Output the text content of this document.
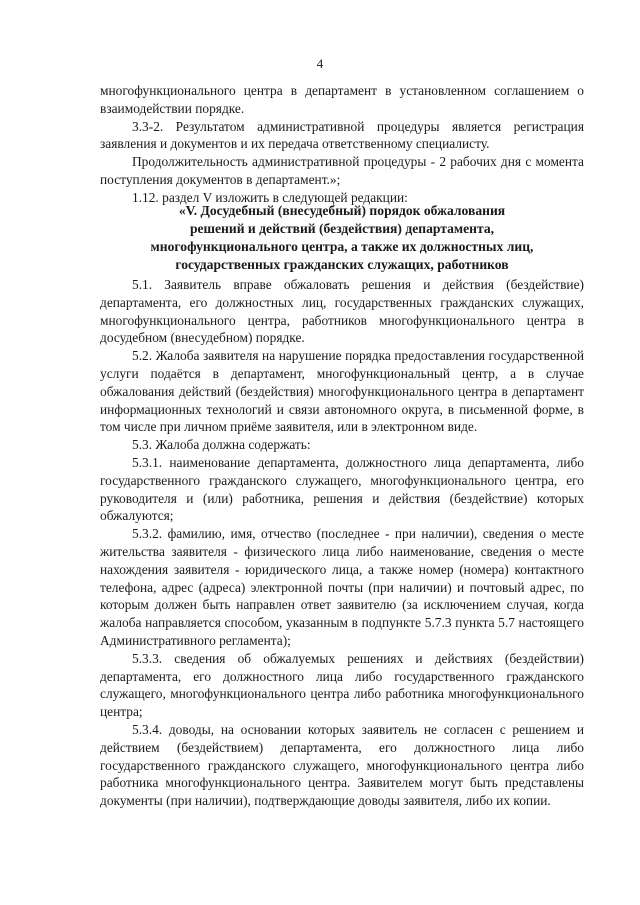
4

многофункционального центра в департамент в установленном соглашением о взаимодействии порядке.

3.3-2. Результатом административной процедуры является регистрация заявления и документов и их передача ответственному специалисту.

Продолжительность административной процедуры - 2 рабочих дня с момента поступления документов в департамент.»;

1.12. раздел V изложить в следующей редакции:

«V. Досудебный (внесудебный) порядок обжалования
решений и действий (бездействия) департамента,
многофункционального центра, а также их должностных лиц,
государственных гражданских служащих, работников

5.1. Заявитель вправе обжаловать решения и действия (бездействие) департамента, его должностных лиц, государственных гражданских служащих, многофункционального центра, работников многофункционального центра в досудебном (внесудебном) порядке.

5.2. Жалоба заявителя на нарушение порядка предоставления государственной услуги подаётся в департамент, многофункциональный центр, а в случае обжалования действий (бездействия) многофункционального центра в департамент информационных технологий и связи автономного округа, в письменной форме, в том числе при личном приёме заявителя, или в электронном виде.

5.3. Жалоба должна содержать:

5.3.1. наименование департамента, должностного лица департамента, либо государственного гражданского служащего, многофункционального центра, его руководителя и (или) работника, решения и действия (бездействие) которых обжалуются;

5.3.2. фамилию, имя, отчество (последнее - при наличии), сведения о месте жительства заявителя - физического лица либо наименование, сведения о месте нахождения заявителя - юридического лица, а также номер (номера) контактного телефона, адрес (адреса) электронной почты (при наличии) и почтовый адрес, по которым должен быть направлен ответ заявителю (за исключением случая, когда жалоба направляется способом, указанным в подпункте 5.7.3 пункта 5.7 настоящего Административного регламента);

5.3.3. сведения об обжалуемых решениях и действиях (бездействии) департамента, его должностного лица либо государственного гражданского служащего, многофункционального центра либо работника многофункционального центра;

5.3.4. доводы, на основании которых заявитель не согласен с решением и действием (бездействием) департамента, его должностного лица либо государственного гражданского служащего, многофункционального центра либо работника многофункционального центра. Заявителем могут быть представлены документы (при наличии), подтверждающие доводы заявителя, либо их копии.
